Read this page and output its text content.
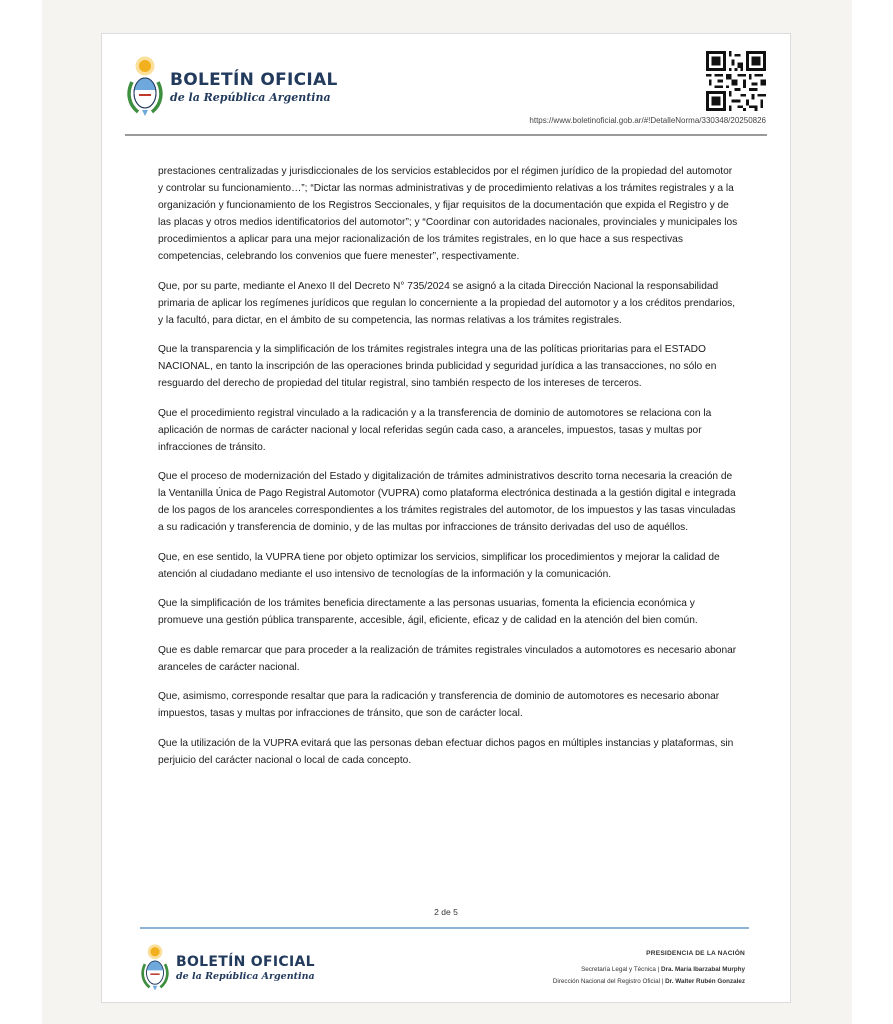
BOLETÍN OFICIAL
de la República Argentina
https://www.boletinoficial.gob.ar/#!DetalleNorma/330348/20250826

prestaciones centralizadas y jurisdiccionales de los servicios establecidos por el régimen jurídico de la propiedad del automotor y controlar su funcionamiento…”; “Dictar las normas administrativas y de procedimiento relativas a los trámites registrales y a la organización y funcionamiento de los Registros Seccionales, y fijar requisitos de la documentación que expida el Registro y de las placas y otros medios identificatorios del automotor”; y “Coordinar con autoridades nacionales, provinciales y municipales los procedimientos a aplicar para una mejor racionalización de los trámites registrales, en lo que hace a sus respectivas competencias, celebrando los convenios que fuere menester”, respectivamente.

Que, por su parte, mediante el Anexo II del Decreto N° 735/2024 se asignó a la citada Dirección Nacional la responsabilidad primaria de aplicar los regímenes jurídicos que regulan lo concerniente a la propiedad del automotor y a los créditos prendarios, y la facultó, para dictar, en el ámbito de su competencia, las normas relativas a los trámites registrales.

Que la transparencia y la simplificación de los trámites registrales integra una de las políticas prioritarias para el ESTADO NACIONAL, en tanto la inscripción de las operaciones brinda publicidad y seguridad jurídica a las transacciones, no sólo en resguardo del derecho de propiedad del titular registral, sino también respecto de los intereses de terceros.

Que el procedimiento registral vinculado a la radicación y a la transferencia de dominio de automotores se relaciona con la aplicación de normas de carácter nacional y local referidas según cada caso, a aranceles, impuestos, tasas y multas por infracciones de tránsito.

Que el proceso de modernización del Estado y digitalización de trámites administrativos descrito torna necesaria la creación de la Ventanilla Única de Pago Registral Automotor (VUPRA) como plataforma electrónica destinada a la gestión digital e integrada de los pagos de los aranceles correspondientes a los trámites registrales del automotor, de los impuestos y las tasas vinculadas a su radicación y transferencia de dominio, y de las multas por infracciones de tránsito derivadas del uso de aquéllos.

Que, en ese sentido, la VUPRA tiene por objeto optimizar los servicios, simplificar los procedimientos y mejorar la calidad de atención al ciudadano mediante el uso intensivo de tecnologías de la información y la comunicación.

Que la simplificación de los trámites beneficia directamente a las personas usuarias, fomenta la eficiencia económica y promueve una gestión pública transparente, accesible, ágil, eficiente, eficaz y de calidad en la atención del bien común.

Que es dable remarcar que para proceder a la realización de trámites registrales vinculados a automotores es necesario abonar aranceles de carácter nacional.

Que, asimismo, corresponde resaltar que para la radicación y transferencia de dominio de automotores es necesario abonar impuestos, tasas y multas por infracciones de tránsito, que son de carácter local.

Que la utilización de la VUPRA evitará que las personas deban efectuar dichos pagos en múltiples instancias y plataformas, sin perjuicio del carácter nacional o local de cada concepto.

2 de 5
BOLETÍN OFICIAL
de la República Argentina
PRESIDENCIA DE LA NACIÓN
Secretaría Legal y Técnica | Dra. María Ibarzabal Murphy
Dirección Nacional del Registro Oficial | Dr. Walter Rubén Gonzalez
